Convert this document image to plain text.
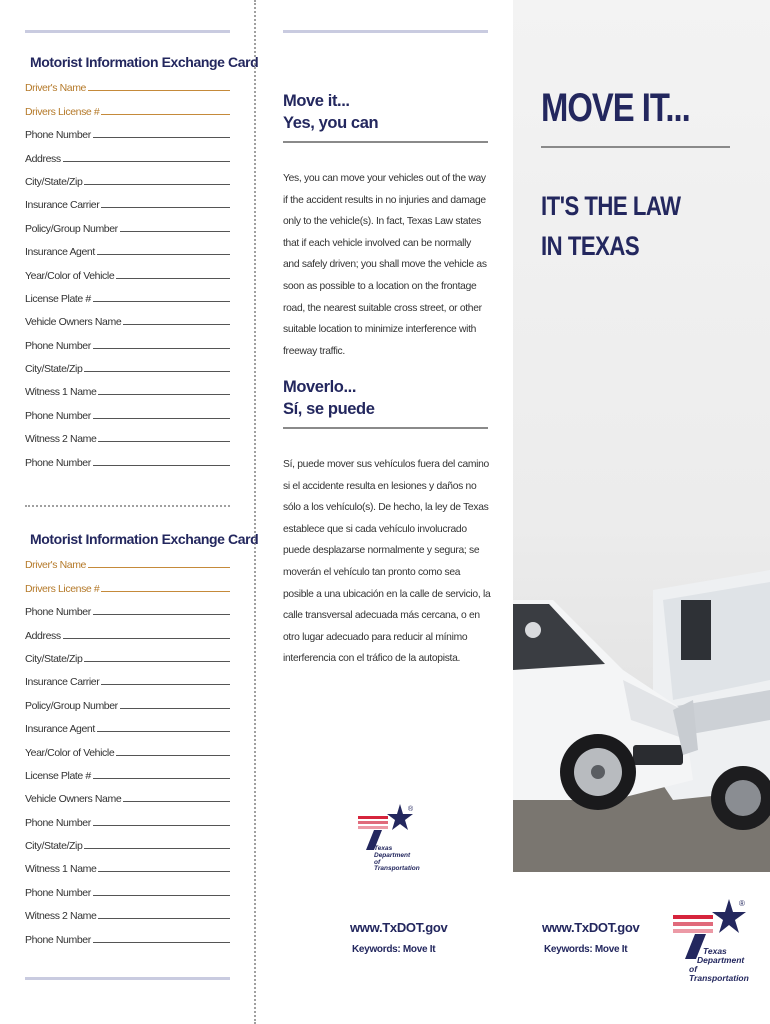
Motorist Information Exchange Card
Driver's Name
Drivers License #
Phone Number
Address
City/State/Zip
Insurance Carrier
Policy/Group Number
Insurance Agent
Year/Color of Vehicle
License Plate #
Vehicle Owners Name
Phone Number
City/State/Zip
Witness 1 Name
Phone Number
Witness 2 Name
Phone Number
Motorist Information Exchange Card
Driver's Name
Drivers License #
Phone Number
Address
City/State/Zip
Insurance Carrier
Policy/Group Number
Insurance Agent
Year/Color of Vehicle
License Plate #
Vehicle Owners Name
Phone Number
City/State/Zip
Witness 1 Name
Phone Number
Witness 2 Name
Phone Number
Move it...
Yes, you can
Yes, you can move your vehicles out of the way if the accident results in no injuries and damage only to the vehicle(s). In fact, Texas Law states that if each vehicle involved can be normally and safely driven; you shall move the vehicle as soon as possible to a location on the frontage road, the nearest suitable cross street, or other suitable location to minimize interference with freeway traffic.
Moverlo...
Sí, se puede
Sí, puede mover sus vehículos fuera del camino si el accidente resulta en lesiones y daños no sólo a los vehículo(s). De hecho, la ley de Texas establece que si cada vehículo involucrado puede desplazarse normalmente y segura; se moverán el vehículo tan pronto como sea posible a una ubicación en la calle de servicio, la calle transversal adecuada más cercana, o en otro lugar adecuado para reducir al mínimo interferencia con el tráfico de la autopista.
Texas
Department
of Transportation
®
www.TxDOT.gov
Keywords: Move It
MOVE IT...
IT'S THE LAW
IN TEXAS
Texas
Department
of Transportation
®
www.TxDOT.gov
Keywords: Move It
